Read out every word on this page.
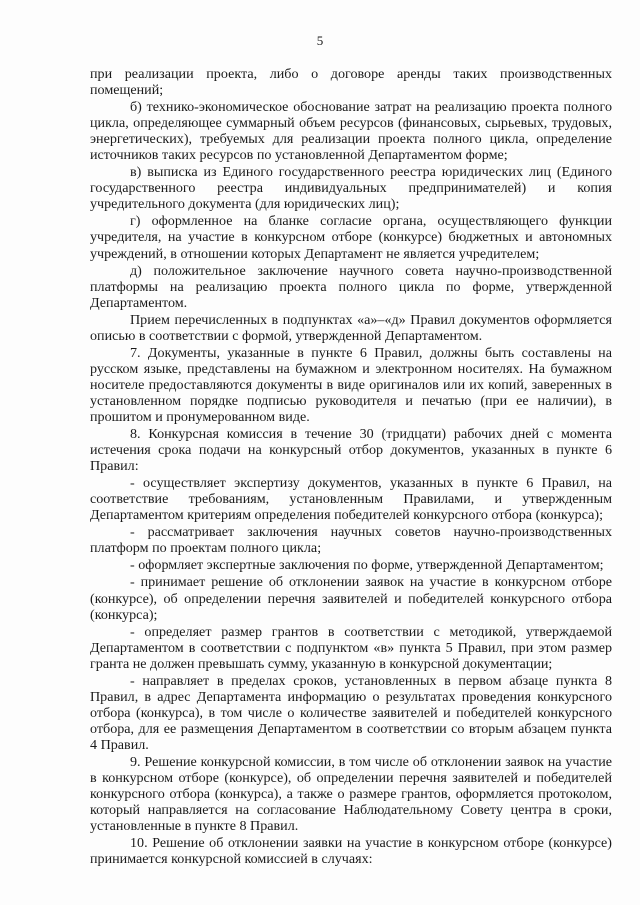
5

при реализации проекта, либо о договоре аренды таких производственных помещений;

б) технико-экономическое обоснование затрат на реализацию проекта полного цикла, определяющее суммарный объем ресурсов (финансовых, сырьевых, трудовых, энергетических), требуемых для реализации проекта полного цикла, определение источников таких ресурсов по установленной Департаментом форме;

в) выписка из Единого государственного реестра юридических лиц (Единого государственного реестра индивидуальных предпринимателей) и копия учредительного документа (для юридических лиц);

г) оформленное на бланке согласие органа, осуществляющего функции учредителя, на участие в конкурсном отборе (конкурсе) бюджетных и автономных учреждений, в отношении которых Департамент не является учредителем;

д) положительное заключение научного совета научно-производственной платформы на реализацию проекта полного цикла по форме, утвержденной Департаментом.

Прием перечисленных в подпунктах «а»–«д» Правил документов оформляется описью в соответствии с формой, утвержденной Департаментом.

7. Документы, указанные в пункте 6 Правил, должны быть составлены на русском языке, представлены на бумажном и электронном носителях. На бумажном носителе предоставляются документы в виде оригиналов или их копий, заверенных в установленном порядке подписью руководителя и печатью (при ее наличии), в прошитом и пронумерованном виде.

8. Конкурсная комиссия в течение 30 (тридцати) рабочих дней с момента истечения срока подачи на конкурсный отбор документов, указанных в пункте 6 Правил:

- осуществляет экспертизу документов, указанных в пункте 6 Правил, на соответствие требованиям, установленным Правилами, и утвержденным Департаментом критериям определения победителей конкурсного отбора (конкурса);

- рассматривает заключения научных советов научно-производственных платформ по проектам полного цикла;

- оформляет экспертные заключения по форме, утвержденной Департаментом;

- принимает решение об отклонении заявок на участие в конкурсном отборе (конкурсе), об определении перечня заявителей и победителей конкурсного отбора (конкурса);

- определяет размер грантов в соответствии с методикой, утверждаемой Департаментом в соответствии с подпунктом «в» пункта 5 Правил, при этом размер гранта не должен превышать сумму, указанную в конкурсной документации;

- направляет в пределах сроков, установленных в первом абзаце пункта 8 Правил, в адрес Департамента информацию о результатах проведения конкурсного отбора (конкурса), в том числе о количестве заявителей и победителей конкурсного отбора, для ее размещения Департаментом в соответствии со вторым абзацем пункта 4 Правил.

9. Решение конкурсной комиссии, в том числе об отклонении заявок на участие в конкурсном отборе (конкурсе), об определении перечня заявителей и победителей конкурсного отбора (конкурса), а также о размере грантов, оформляется протоколом, который направляется на согласование Наблюдательному Совету центра в сроки, установленные в пункте 8 Правил.

10. Решение об отклонении заявки на участие в конкурсном отборе (конкурсе) принимается конкурсной комиссией в случаях:
